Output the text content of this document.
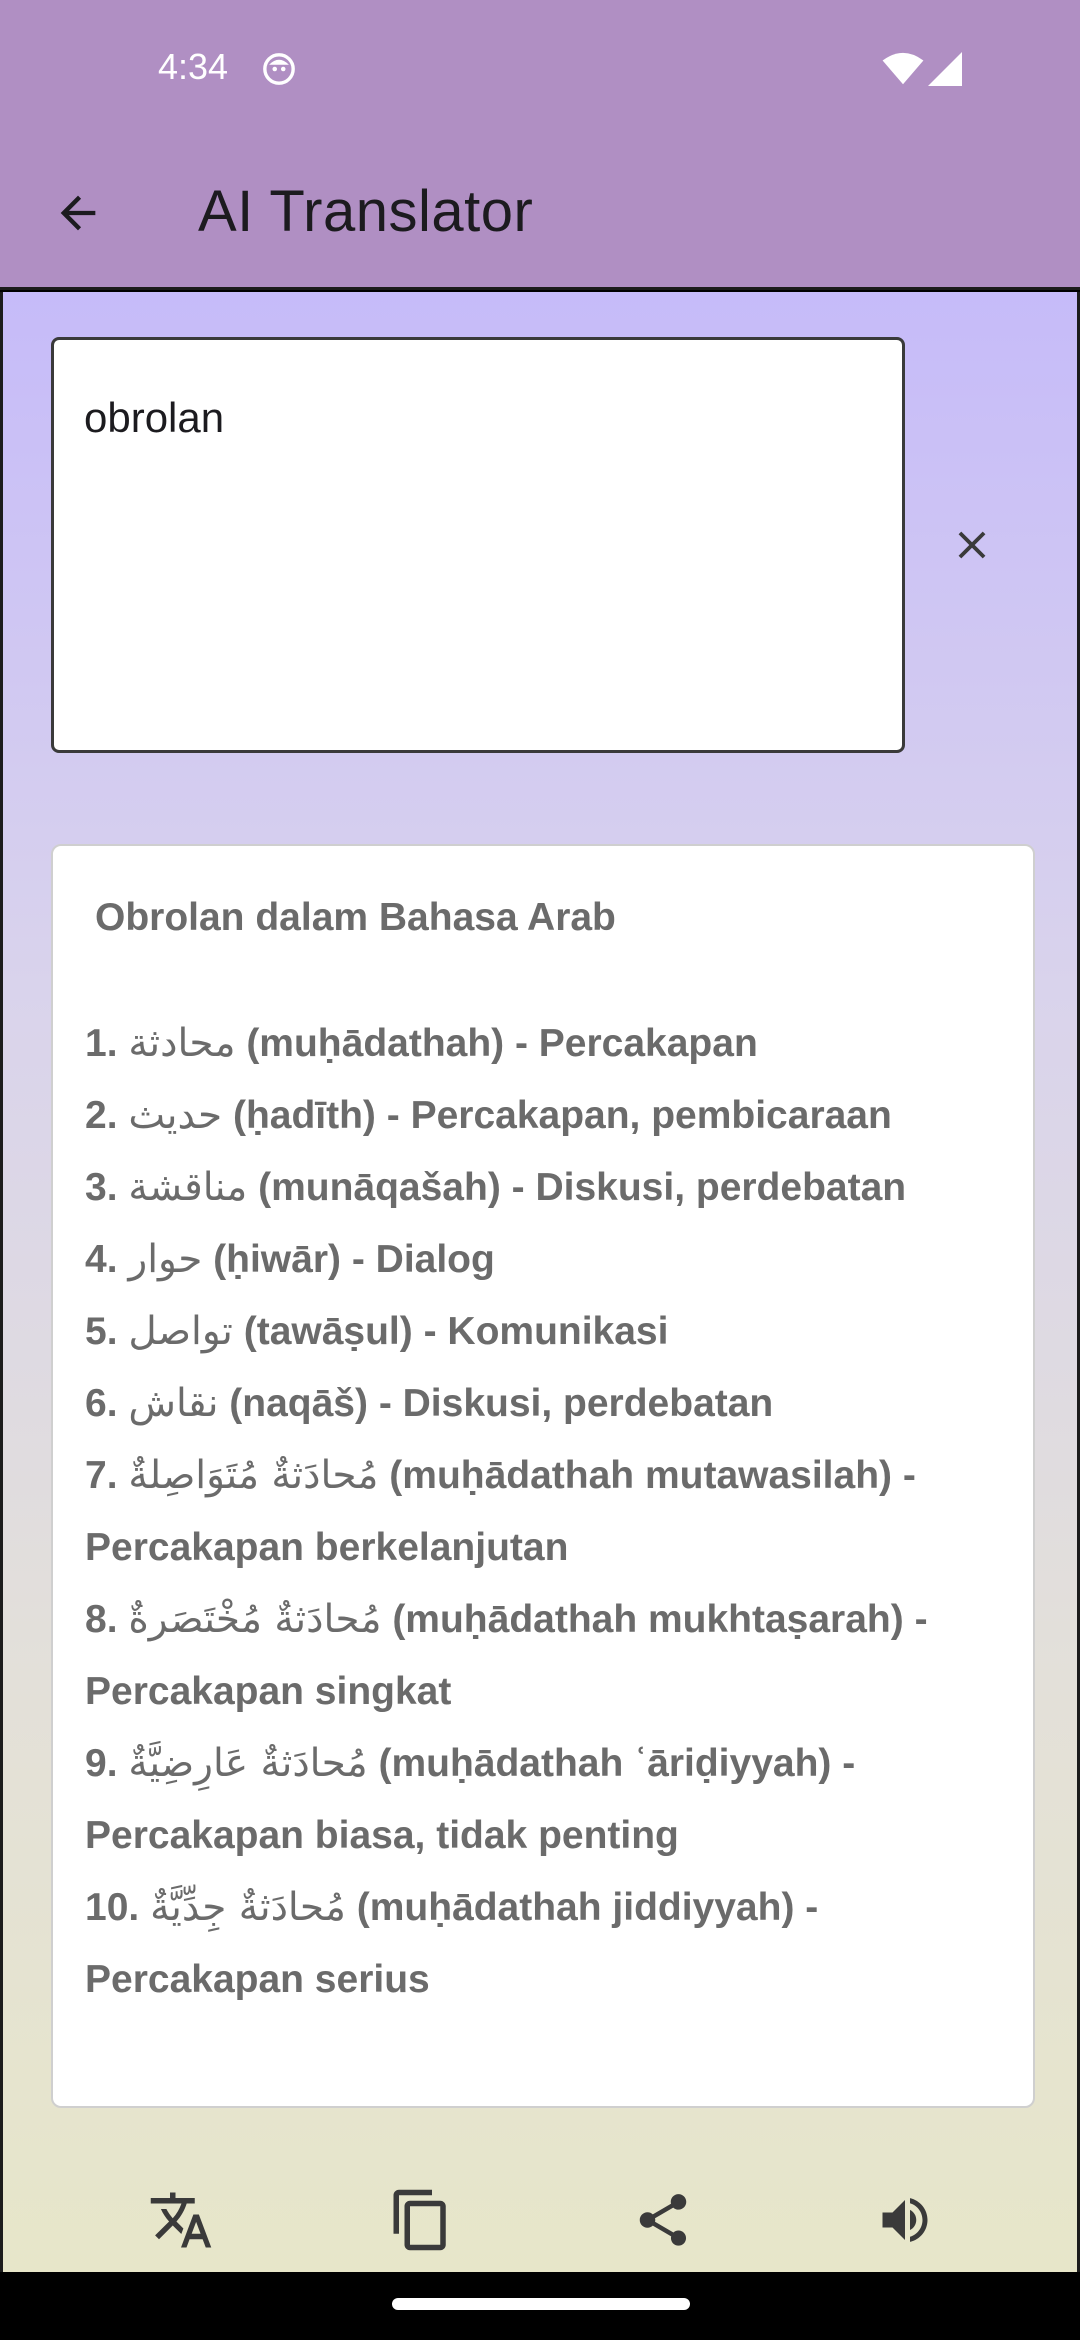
4:34
AI Translator
obrolan
Obrolan dalam Bahasa Arab
1. محادثة (muḥādathah) - Percakapan
2. حديث (ḥadīth) - Percakapan, pembicaraan
3. مناقشة (munāqašah) - Diskusi, perdebatan
4. حوار (ḥiwār) - Dialog
5. تواصل (tawāṣul) - Komunikasi
6. نقاش (naqāš) - Diskusi, perdebatan
7. مُحادَثةٌ مُتَوَاصِلةٌ (muḥādathah mutawasilah) -
Percakapan berkelanjutan
8. مُحادَثةٌ مُخْتَصَرةٌ (muḥādathah mukhtaṣarah) -
Percakapan singkat
9. مُحادَثةٌ عَارِضِيَّةٌ (muḥādathah ʿāriḍiyyah) -
Percakapan biasa, tidak penting
10. مُحادَثةٌ جِدِّيَّةٌ (muḥādathah jiddiyyah) -
Percakapan serius
